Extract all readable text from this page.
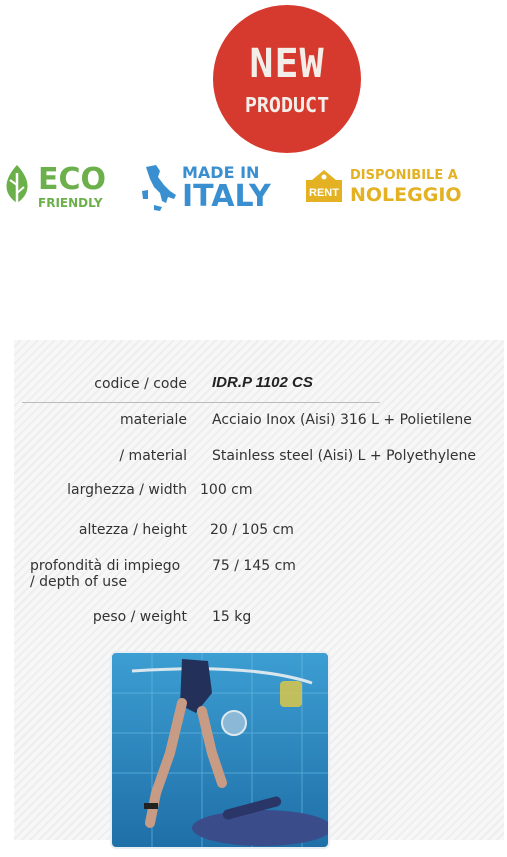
NEW
PRODUCT
ECO
FRIENDLY
MADE IN
ITALY	RENT
DISPONIBILE A
NOLEGGIO
codice / code IDR.P 1102 CS
materiale Acciaio Inox (Aisi) 316 L + Polietilene
/ material Stainless steel (Aisi) L + Polyethylene
larghezza / width 100 cm
altezza / height 20 / 105 cm
profondità di impiego
/ depth of use
75 / 145 cm
peso / weight 15 kg
